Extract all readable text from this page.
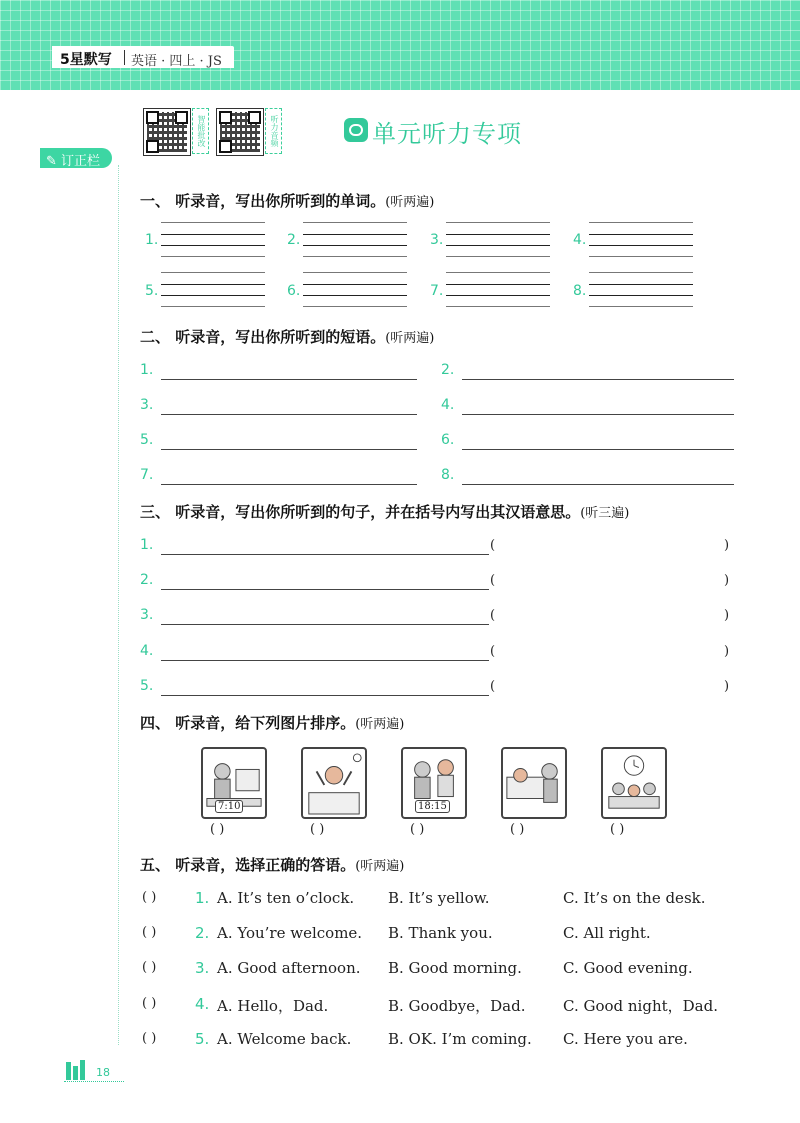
5星默写 英语 · 四上 · JS
智能批改	听力音频	单元听力专项
✎ 订正栏
一、 听录音，写出你所听到的单词。(听两遍)
1.	2.	3.	4.
5.	6.	7.	8.
二、 听录音，写出你所听到的短语。(听两遍)
1.	2.
3.	4.
5.	6.
7.	8.
三、 听录音，写出你所听到的句子，并在括号内写出其汉语意思。(听三遍)
1.	(	)
2.	(	)
3.	(	)
4.	(	)
5.	(	)
四、 听录音，给下列图片排序。(听两遍)
7:10
( )	( )
18:15
( )	( )	( )
五、 听录音，选择正确的答语。(听两遍)
( )	1. A. It’s ten o’clock. B. It’s yellow.	C. It’s on the desk.
( )	2. A. You’re welcome. B. Thank you.	C. All right.
( )	3. A. Good afternoon. B. Good morning.	C. Good evening.
( )	4. A. Hello，Dad.	B. Goodbye，Dad.	C. Good night，Dad.
( )	5. A. Welcome back. B. OK. I’m coming. C. Here you are.
18
